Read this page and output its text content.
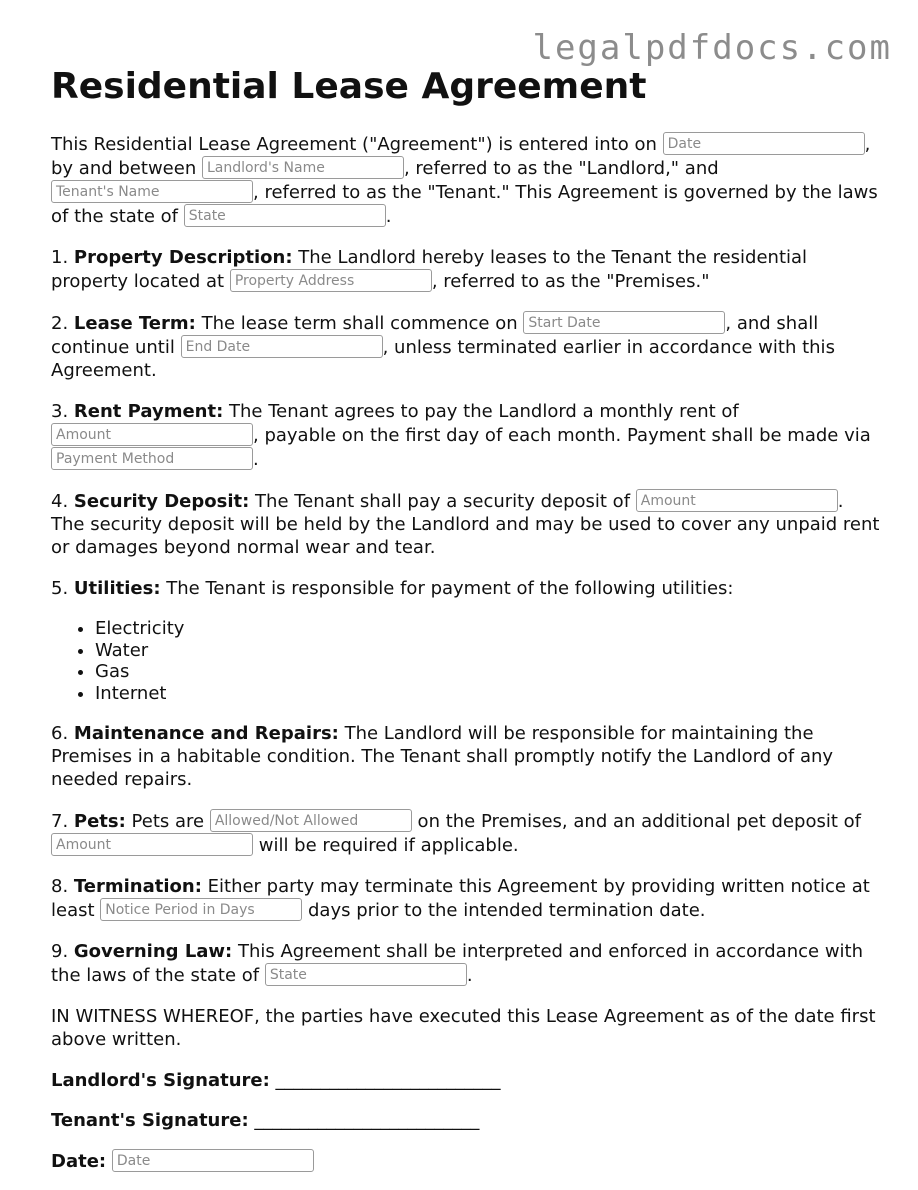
legalpdfdocs.com
Residential Lease Agreement

This Residential Lease Agreement ("Agreement") is entered into on Date	, by and between Landlord's Name	, referred to as the "Landlord," and Tenant's Name	, referred to as the "Tenant." This Agreement is governed by the laws of the state of State	.

1. Property Description: The Landlord hereby leases to the Tenant the residential property located at Property Address	, referred to as the "Premises."

2. Lease Term: The lease term shall commence on Start Date	, and shall continue until End Date	, unless terminated earlier in accordance with this Agreement.

3. Rent Payment: The Tenant agrees to pay the Landlord a monthly rent of Amount	, payable on the first day of each month. Payment shall be made via Payment Method	.

4. Security Deposit: The Tenant shall pay a security deposit of Amount	. The security deposit will be held by the Landlord and may be used to cover any unpaid rent or damages beyond normal wear and tear.

5. Utilities: The Tenant is responsible for payment of the following utilities:

• Electricity
• Water
• Gas
• Internet

6. Maintenance and Repairs: The Landlord will be responsible for maintaining the Premises in a habitable condition. The Tenant shall promptly notify the Landlord of any needed repairs.

7. Pets: Pets are Allowed/Not Allowed	on the Premises, and an additional pet deposit of Amount	will be required if applicable.

8. Termination: Either party may terminate this Agreement by providing written notice at least Notice Period in Days	days prior to the intended termination date.

9. Governing Law: This Agreement shall be interpreted and enforced in accordance with the laws of the state of State	.

IN WITNESS WHEREOF, the parties have executed this Lease Agreement as of the date first above written.

Landlord's Signature: _________________________

Tenant's Signature: _________________________

Date: Date
